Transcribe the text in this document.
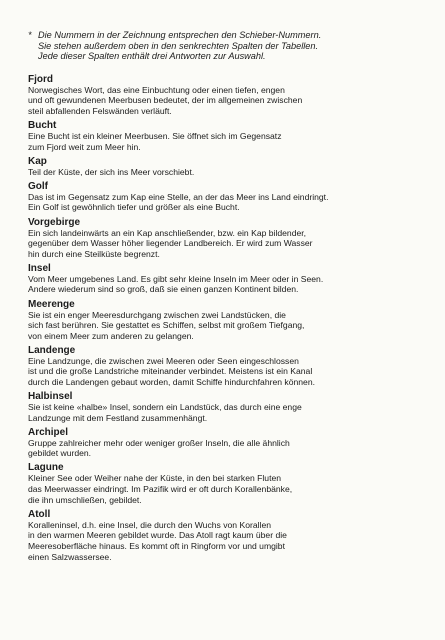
* Die Nummern in der Zeichnung entsprechen den Schieber-Nummern.
Sie stehen außerdem oben in den senkrechten Spalten der Tabellen.
Jede dieser Spalten enthält drei Antworten zur Auswahl.
Fjord
Norwegisches Wort, das eine Einbuchtung oder einen tiefen, engen
und oft gewundenen Meerbusen bedeutet, der im allgemeinen zwischen
steil abfallenden Felswänden verläuft.
Bucht
Eine Bucht ist ein kleiner Meerbusen. Sie öffnet sich im Gegensatz
zum Fjord weit zum Meer hin.
Kap
Teil der Küste, der sich ins Meer vorschiebt.
Golf
Das ist im Gegensatz zum Kap eine Stelle, an der das Meer ins Land eindringt.
Ein Golf ist gewöhnlich tiefer und größer als eine Bucht.
Vorgebirge
Ein sich landeinwärts an ein Kap anschließender, bzw. ein Kap bildender,
gegenüber dem Wasser höher liegender Landbereich. Er wird zum Wasser
hin durch eine Steilküste begrenzt.
Insel
Vom Meer umgebenes Land. Es gibt sehr kleine Inseln im Meer oder in Seen.
Andere wiederum sind so groß, daß sie einen ganzen Kontinent bilden.
Meerenge
Sie ist ein enger Meeresdurchgang zwischen zwei Landstücken, die
sich fast berühren. Sie gestattet es Schiffen, selbst mit großem Tiefgang,
von einem Meer zum anderen zu gelangen.
Landenge
Eine Landzunge, die zwischen zwei Meeren oder Seen eingeschlossen
ist und die große Landstriche miteinander verbindet. Meistens ist ein Kanal
durch die Landengen gebaut worden, damit Schiffe hindurchfahren können.
Halbinsel
Sie ist keine «halbe» Insel, sondern ein Landstück, das durch eine enge
Landzunge mit dem Festland zusammenhängt.
Archipel
Gruppe zahlreicher mehr oder weniger großer Inseln, die alle ähnlich
gebildet wurden.
Lagune
Kleiner See oder Weiher nahe der Küste, in den bei starken Fluten
das Meerwasser eindringt. Im Pazifik wird er oft durch Korallenbänke,
die ihn umschließen, gebildet.
Atoll
Koralleninsel, d.h. eine Insel, die durch den Wuchs von Korallen
in den warmen Meeren gebildet wurde. Das Atoll ragt kaum über die
Meeresoberfläche hinaus. Es kommt oft in Ringform vor und umgibt
einen Salzwassersee.
